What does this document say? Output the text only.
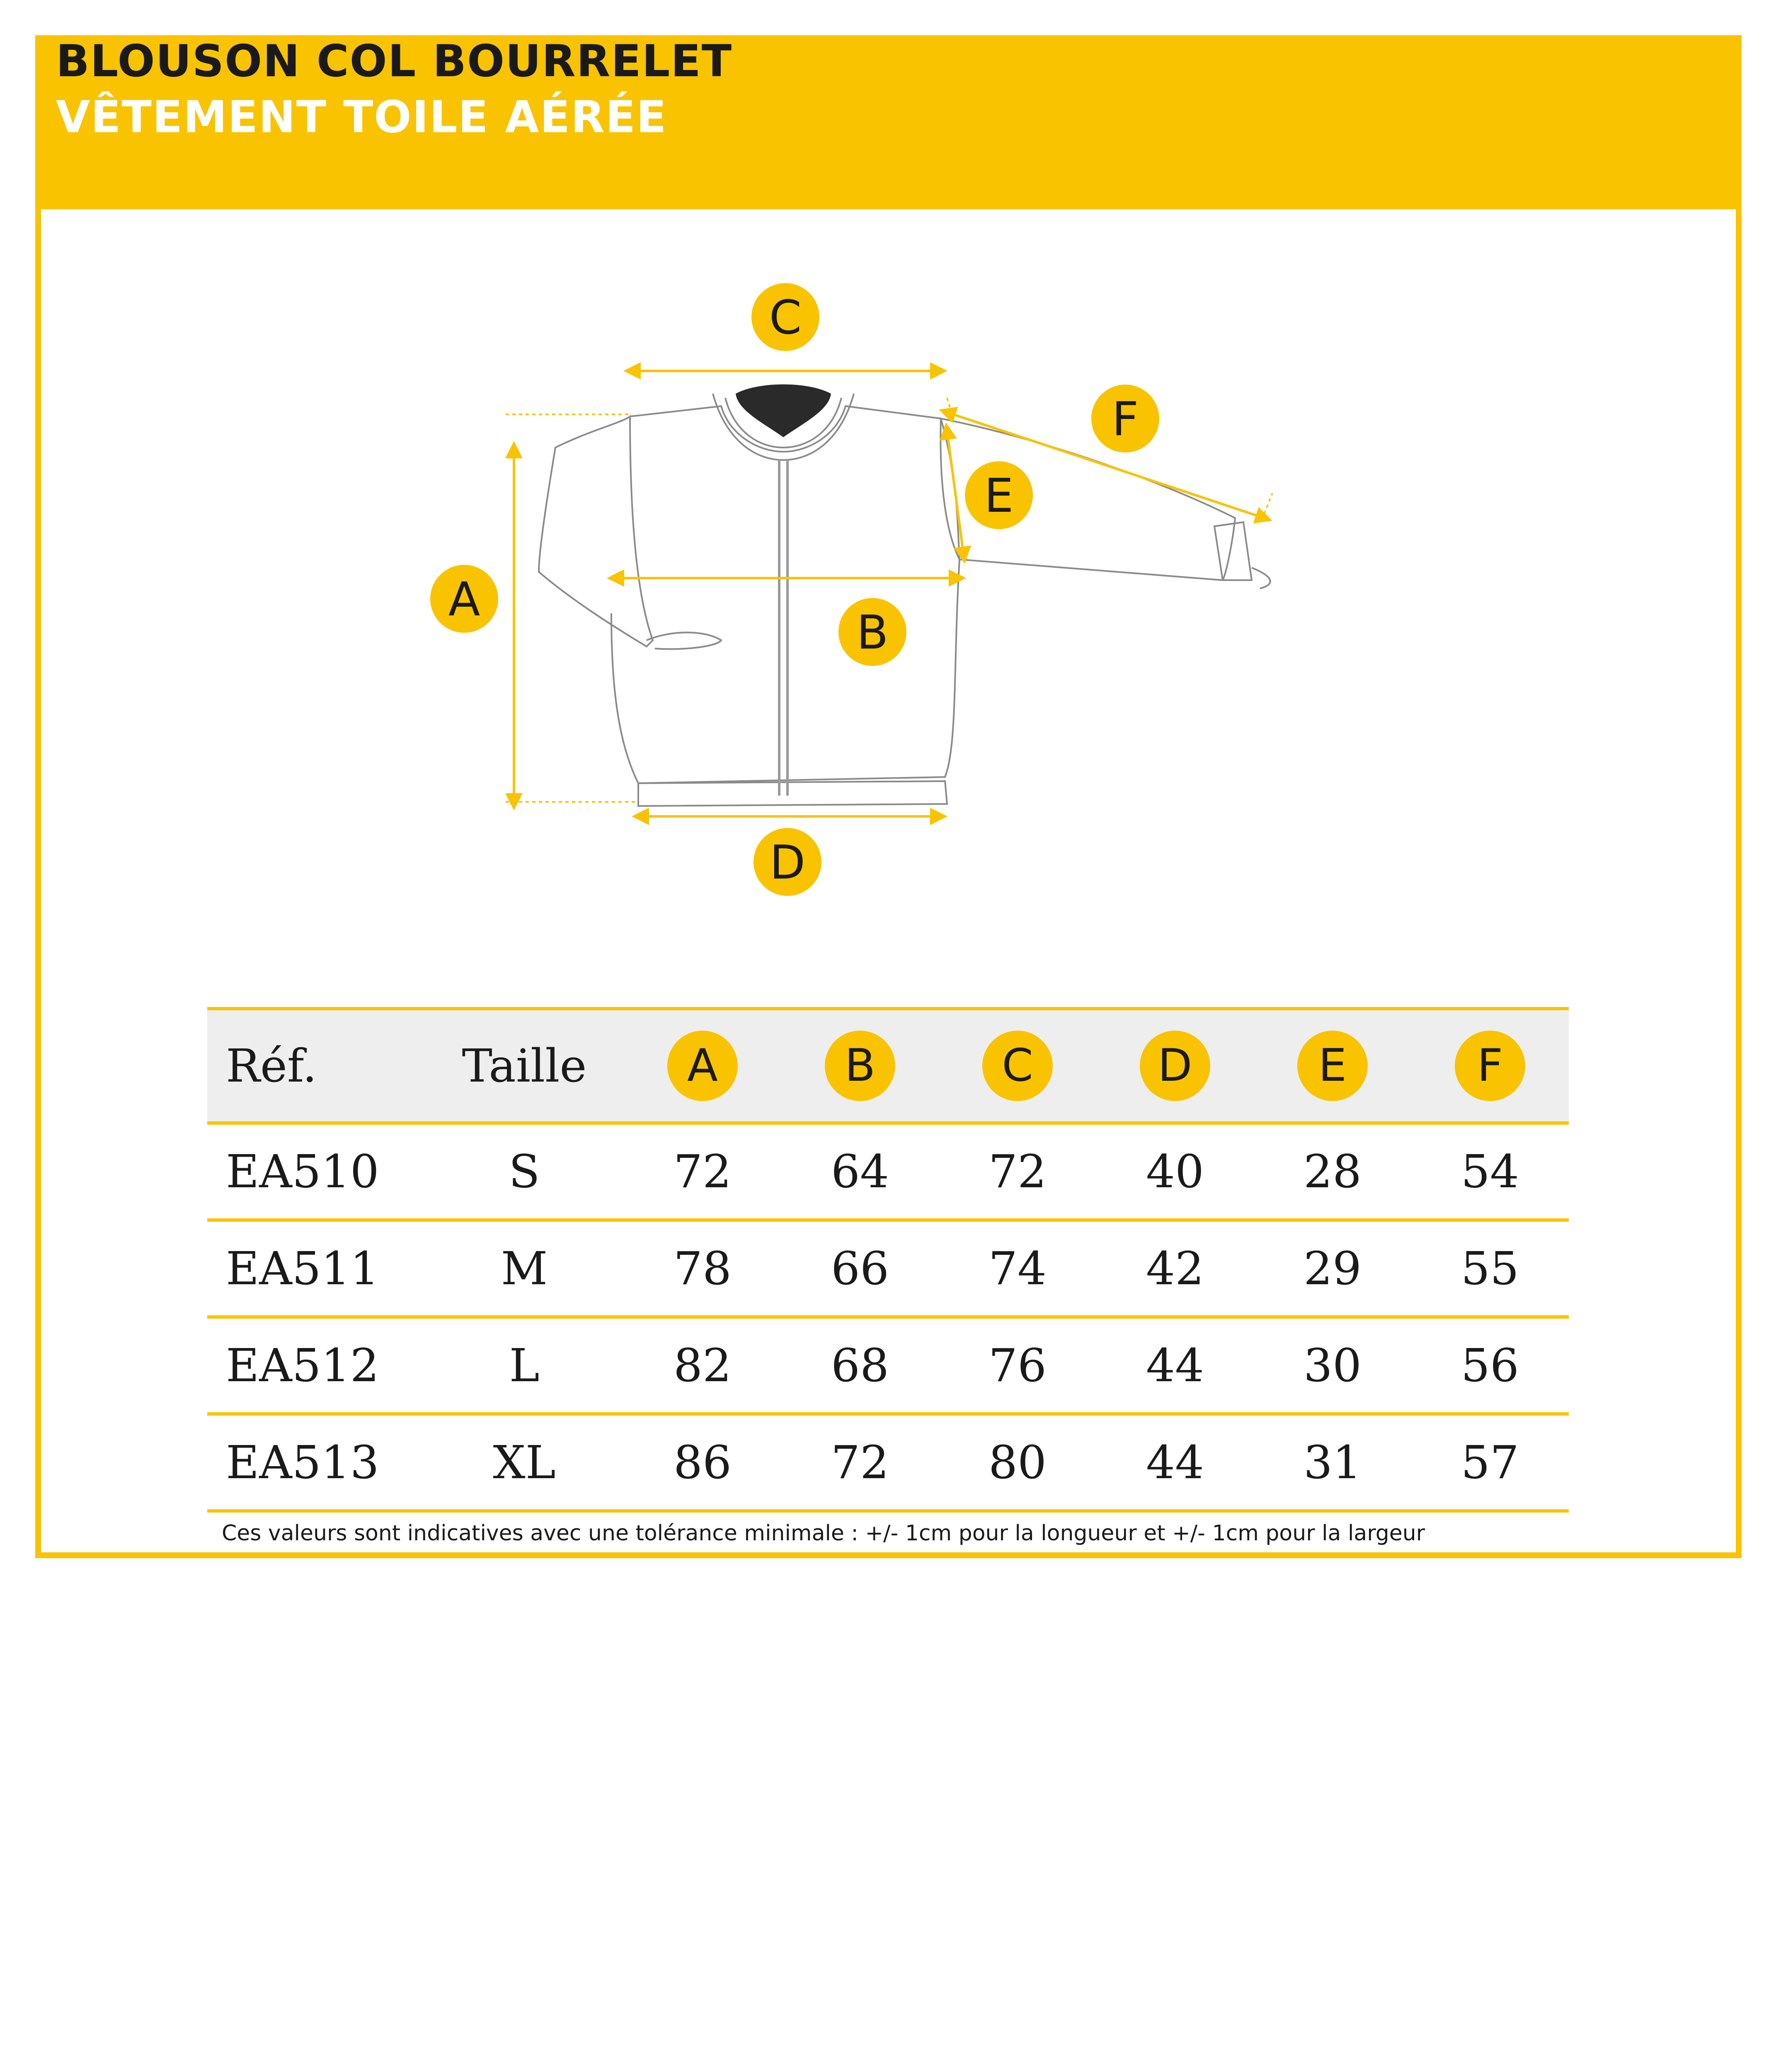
BLOUSON COL BOURRELET
VÊTEMENT TOILE AÉRÉE
C
F
E
A
B
D
Réf.	Taille	A	B	C	D	E	F
EA510	S	72	64	72	40	28	54
EA511	M	78	66	74	42	29	55
EA512	L	82	68	76	44	30	56
EA513	XL	86	72	80	44	31	57
Ces valeurs sont indicatives avec une tolérance minimale : +/- 1cm pour la longueur et +/- 1cm pour la largeur
